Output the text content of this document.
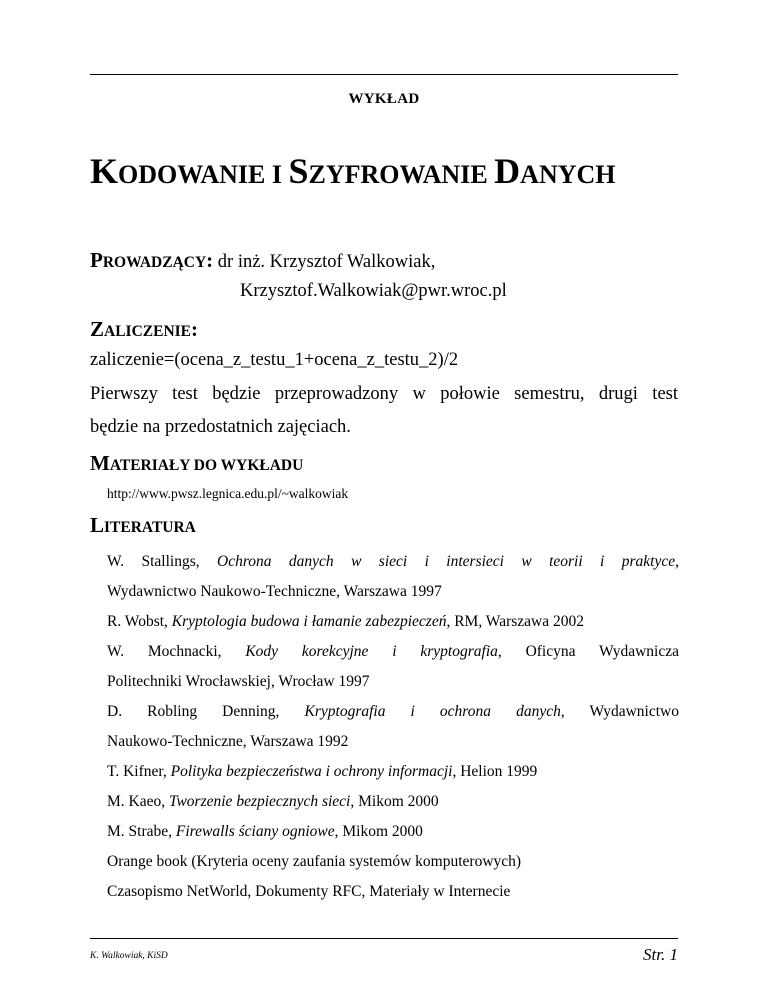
WYKŁAD
KODOWANIE I SZYFROWANIE DANYCH
PROWADZĄCY: dr inż. Krzysztof Walkowiak,
Krzysztof.Walkowiak@pwr.wroc.pl
ZALICZENIE:
zaliczenie=(ocena_z_testu_1+ocena_z_testu_2)/2
Pierwszy test będzie przeprowadzony w połowie semestru, drugi test
będzie na przedostatnich zajęciach.
MATERIAŁY DO WYKŁADU
http://www.pwsz.legnica.edu.pl/~walkowiak
LITERATURA
W. Stallings, Ochrona danych w sieci i intersieci w teorii i praktyce,
Wydawnictwo Naukowo-Techniczne, Warszawa 1997
R. Wobst, Kryptologia budowa i łamanie zabezpieczeń, RM, Warszawa 2002
W. Mochnacki, Kody korekcyjne i kryptografia, Oficyna Wydawnicza
Politechniki Wrocławskiej, Wrocław 1997
D. Robling Denning, Kryptografia i ochrona danych, Wydawnictwo
Naukowo-Techniczne, Warszawa 1992
T. Kifner, Polityka bezpieczeństwa i ochrony informacji, Helion 1999
M. Kaeo, Tworzenie bezpiecznych sieci, Mikom 2000
M. Strabe, Firewalls ściany ogniowe, Mikom 2000
Orange book (Kryteria oceny zaufania systemów komputerowych)
Czasopismo NetWorld, Dokumenty RFC, Materiały w Internecie
K. Walkowiak, KiSD	Str. 1
